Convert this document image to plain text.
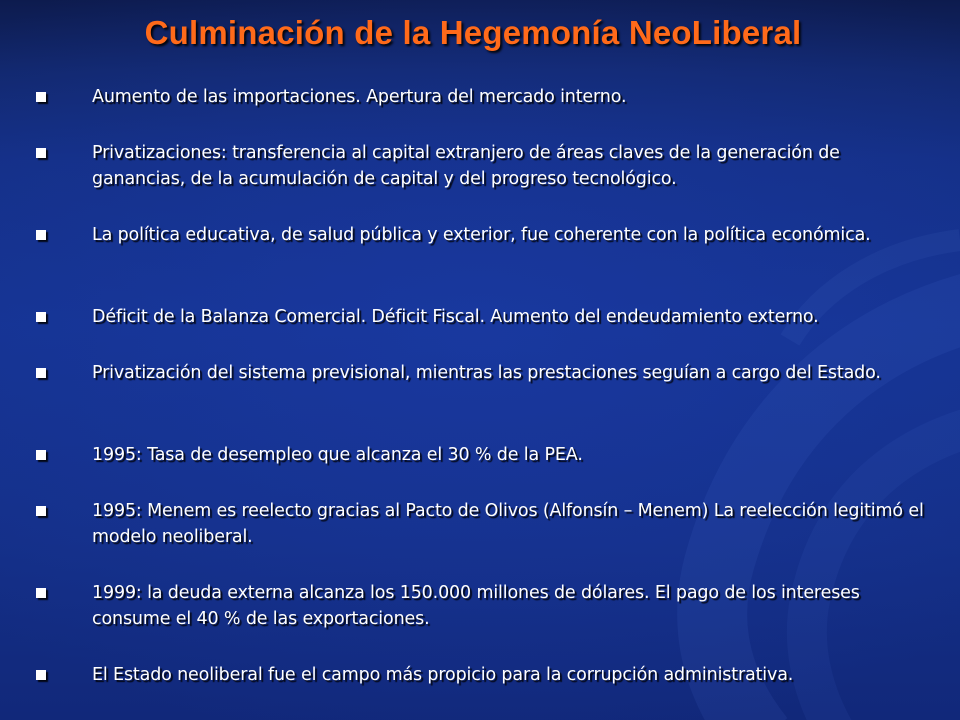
Culminación de la Hegemonía NeoLiberal
Aumento de las importaciones. Apertura del mercado interno.
Privatizaciones: transferencia al capital extranjero de áreas claves de la generación de ganancias, de la acumulación de capital y del progreso tecnológico.
La política educativa, de salud pública y exterior, fue coherente con la política económica.
Déficit de la Balanza Comercial. Déficit Fiscal. Aumento del endeudamiento externo.
Privatización del sistema previsional, mientras las prestaciones seguían a cargo del Estado.
1995: Tasa de desempleo que alcanza el 30 % de la PEA.
1995: Menem es reelecto gracias al Pacto de Olivos (Alfonsín – Menem) La reelección legitimó el modelo neoliberal.
1999: la deuda externa alcanza los 150.000 millones de dólares. El pago de los intereses consume el 40 % de las exportaciones.
El Estado neoliberal fue el campo más propicio para la corrupción administrativa.
